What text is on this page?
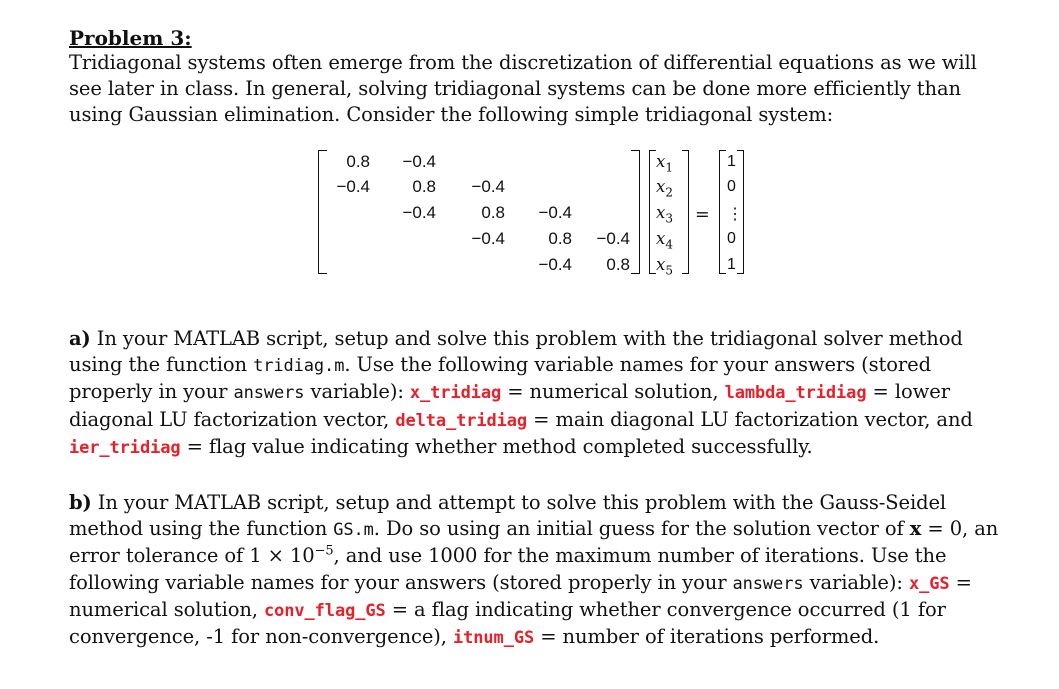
Problem 3:
Tridiagonal systems often emerge from the discretization of differential equations as we will see later in class. In general, solving tridiagonal systems can be done more efficiently than using Gaussian elimination. Consider the following simple tridiagonal system:
0.8 −0.4
−0.4 0.8 −0.4
−0.4	0.8 −0.4
−0.4	0.8 −0.4
−0.4 0.8
$x_1$
$x_2$
$x_3$
$x_4$
$x_5$
=
1
0
⋮
0
1
a) In your MATLAB script, setup and solve this problem with the tridiagonal solver method using the function tridiag.m. Use the following variable names for your answers (stored properly in your answers variable): x_tridiag = numerical solution, lambda_tridiag = lower diagonal LU factorization vector, delta_tridiag = main diagonal LU factorization vector, and ier_tridiag = flag value indicating whether method completed successfully.
b) In your MATLAB script, setup and attempt to solve this problem with the Gauss-Seidel method using the function GS.m. Do so using an initial guess for the solution vector of x = 0, an error tolerance of $1 \times 10^{-5}$, and use 1000 for the maximum number of iterations. Use the following variable names for your answers (stored properly in your answers variable): x_GS = numerical solution, conv_flag_GS = a flag indicating whether convergence occurred (1 for convergence, -1 for non-convergence), itnum_GS = number of iterations performed.
